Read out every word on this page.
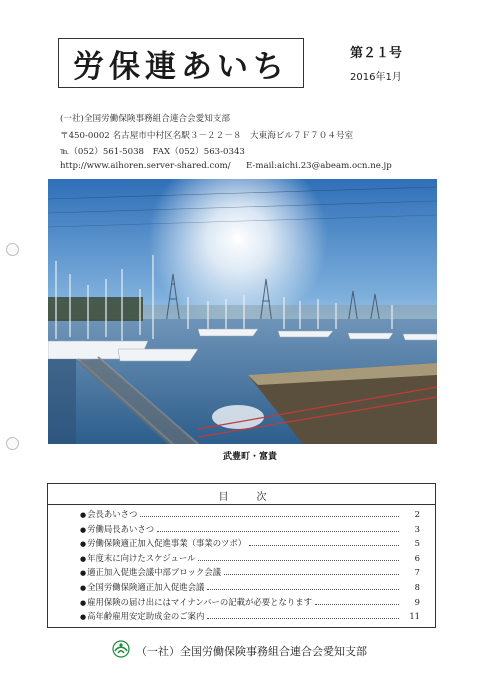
労保連あいち	第２１号
2016年1月
(一社)全国労働保険事務組合連合会愛知支部
〒450-0002 名古屋市中村区名駅３－２２－８　大東海ビル７Ｆ７０４号室
℡（052）561-5038　FAX（052）563-0343
http://www.aihoren.server-shared.com/ E-mail:aichi.23@abeam.ocn.ne.jp
武豊町・富貴
目次
● 会長あいさつ	2
● 労働局長あいさつ	3
● 労働保険適正加入促進事業（事業のツボ）	5
● 年度末に向けたスケジュール	6
● 適正加入促進会議中部ブロック会議	7
● 全国労働保険適正加入促進会議	8
● 雇用保険の届け出にはマイナンバーの記載が必要となります	9
● 高年齢雇用安定助成金のご案内	11
（一社）全国労働保険事務組合連合会愛知支部
